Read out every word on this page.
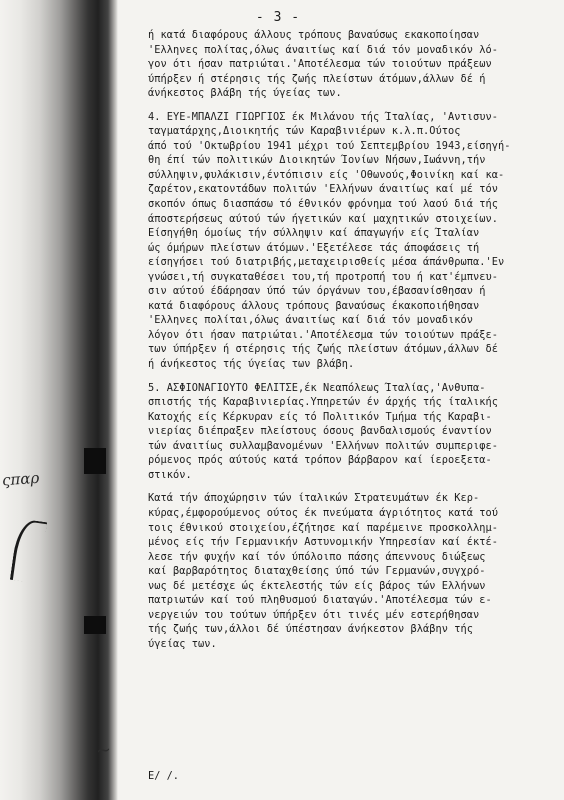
ςπαρ
- 3 -
ή κατά διαφόρους άλλους τρόπους βαναύσως εκακοποίησαν
'Ελληνες πολίτας,όλως άναιτίως καί διά τόν μοναδικόν λό-
γον ότι ήσαν πατριώται.'Αποτέλεσμα τών τοιούτων πράξεων
ύπήρξεν ή στέρησις τής ζωής πλείστων άτόμων,άλλων δέ ή
άνήκεστος βλάβη τής ύγείας των.
4. ΕΥΕ-ΜΠΑΛΖΙ ΓΙΩΡΓΙΟΣ έκ Μιλάνου τής Ίταλίας, 'Αντισυν-
ταγματάρχης,Διοικητής τών Καραβινιέρων κ.λ.π.Ούτος
άπό τού 'Οκτωβρίου 1941 μέχρι τού Σεπτεμβρίου 1943,είσηγή-
θη έπί τών πολιτικών Διοικητών Ίονίων Νήσων,Ιωάννη,τήν
σύλληψιν,φυλάκισιν,έντόπισιν είς 'Οθωνούς,Φοινίκη καί κα-
ζαρέτον,εκατοντάδων πολιτών 'Ελλήνων άναιτίως καί μέ τόν
σκοπόν όπως διασπάσω τό έθνικόν φρόνημα τού λαού διά τής
άποστερήσεως αύτού τών ήγετικών καί μαχητικών στοιχείων.
Είσηγήθη όμοίως τήν σύλληψιν καί άπαγωγήν είς Ίταλίαν
ώς όμήρων πλείστων άτόμων.'Εξετέλεσε τάς άποφάσεις τή
είσηγήσει τού διατριβής,μεταχειρισθείς μέσα άπάνθρωπα.'Εν
γνώσει,τή συγκαταθέσει του,τή προτροπή του ή κατ'έμπνευ-
σιν αύτού έδάρησαν ύπό τών όργάνων του,έβασανίσθησαν ή
κατά διαφόρους άλλους τρόπους βαναύσως έκακοποιήθησαν
'Ελληνες πολίται,όλως άναιτίως καί διά τόν μοναδικόν
λόγον ότι ήσαν πατριώται.'Αποτέλεσμα τών τοιούτων πράξε-
των ύπήρξεν ή στέρησις τής ζωής πλείστων άτόμων,άλλων δέ
ή άνήκεστος τής ύγείας των βλάβη.
5. ΑΣΦΙΟΝΑΓΙΟΥΤΟ ΦΕΛΙΤΣΕ,έκ Νεαπόλεως Ίταλίας,'Ανθυπα-
σπιστής τής Καραβινιερίας.Υπηρετών έν άρχής τής ίταλικής
Κατοχής είς Κέρκυραν είς τό Πολιτικόν Τμήμα τής Καραβι-
νιερίας διέπραξεν πλείστους όσους βανδαλισμούς έναντίον
τών άναιτίως συλλαμβανομένων 'Ελλήνων πολιτών συμπεριφε-
ρόμενος πρός αύτούς κατά τρόπον βάρβαρον καί ίεροεξετα-
στικόν.
Κατά τήν άποχώρησιν τών ίταλικών Στρατευμάτων έκ Κερ-
κύρας,έμφορούμενος ούτος έκ πνεύματα άγριότητος κατά τού
τοις έθνικού στοιχείου,έζήτησε καί παρέμεινε προσκολλημ-
μένος είς τήν Γερμανικήν Αστυνομικήν Υπηρεσίαν καί έκτέ-
λεσε τήν φυχήν καί τόν ύπόλοιπο πάσης άπεννους διώξεως
καί βαρβαρότητος διαταχθείσης ύπό τών Γερμανών,συγχρό-
νως δέ μετέσχε ώς έκτελεστής τών είς βάρος τών Ελλήνων
πατριωτών καί τού πληθυσμού διαταγών.'Αποτέλεσμα τών ε-
νεργειών του τούτων ύπήρξεν ότι τινές μέν εστερήθησαν
τής ζωής των,άλλοι δέ ύπέστησαν άνήκεστον βλάβην τής
ύγείας των.
Ε/ /.
~
